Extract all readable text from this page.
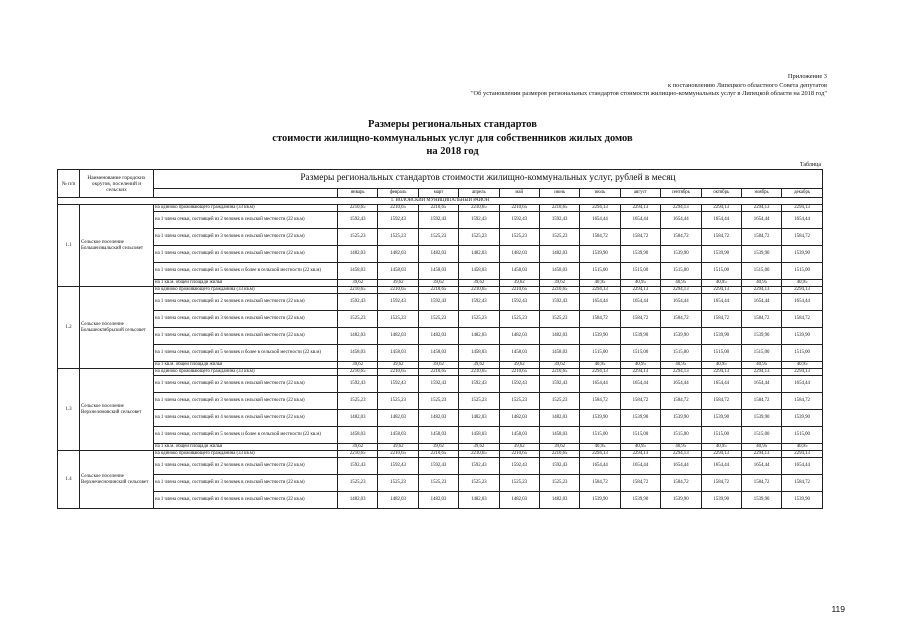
Приложение 3
к постановлению Липецкого областного Совета депутатов
"Об установлении размеров региональных стандартов стоимости жилищно-коммунальных услуг в Липецкой области на 2018 год"
Размеры региональных стандартов
стоимости жилищно-коммунальных услуг для собственников жилых домов
на 2018 год
Таблица
№ п/п	Наименование городских округов, поселений и сельских	Размеры региональных стандартов стоимости жилищно-коммунальных услуг, рублей в месяц												
			январь	февраль	март	апрель	май	июнь	июль	август	сентябрь	октябрь	ноябрь	декабрь
1. ВОЛОВСКИЙ МУНИЦИПАЛЬНЫЙ РАЙОН														
1.1	Сельское поселение Большеизвальский сельсовет	на одиноко проживающего гражданина (33 кв.м)	2210,65	2210,65	2210,65	2210,65	2210,65	2210,65	2294,13	2294,13	2294,13	2294,13	2294,13	2294,13
		на 1 члена семьи, состоящей из 2 человек в сельской местности (22 кв.м)	1592,43	1592,43	1592,43	1592,43	1592,43	1592,43	1654,44	1654,44	1654,44	1654,44	1654,44	1654,44
		на 1 члена семьи, состоящей из 3 человек в сельской местности (22 кв.м)	1525,23	1525,23	1525,23	1525,23	1525,23	1525,23	1584,72	1584,72	1584,72	1584,72	1584,72	1584,72
		на 1 члена семьи, состоящей из 4 человек в сельской местности (22 кв.м)	1482,03	1482,03	1482,03	1482,03	1482,03	1482,03	1539,90	1539,90	1539,90	1539,90	1539,90	1539,90
		на 1 члена семьи, состоящей из 5 человек и более в сельской местности (22 кв.м)	1458,03	1458,03	1458,03	1458,03	1458,03	1458,03	1515,00	1515,00	1515,00	1515,00	1515,00	1515,00
		на 1 кв.м. общей площади жилья	39,62	39,62	39,62	39,62	39,62	39,62	40,95	40,95	40,95	40,95	40,95	40,95
1.2	Сельское поселение Большеоктябрьский сельсовет	на одиноко проживающего гражданина (33 кв.м)	2210,65	2210,65	2210,65	2210,65	2210,65	2210,65	2294,13	2294,13	2294,13	2294,13	2294,13	2294,13
		на 1 члена семьи, состоящей из 2 человек в сельской местности (22 кв.м)	1592,43	1592,43	1592,43	1592,43	1592,43	1592,43	1654,44	1654,44	1654,44	1654,44	1654,44	1654,44
		на 1 члена семьи, состоящей из 3 человек в сельской местности (22 кв.м)	1525,23	1525,23	1525,23	1525,23	1525,23	1525,23	1584,72	1584,72	1584,72	1584,72	1584,72	1584,72
		на 1 члена семьи, состоящей из 4 человек в сельской местности (22 кв.м)	1482,03	1482,03	1482,03	1482,03	1482,03	1482,03	1539,90	1539,90	1539,90	1539,90	1539,90	1539,90
		на 1 члена семьи, состоящей из 5 человек и более в сельской местности (22 кв.м)	1458,03	1458,03	1458,03	1458,03	1458,03	1458,03	1515,00	1515,00	1515,00	1515,00	1515,00	1515,00
		на 1 кв.м. общей площади жилья	39,62	39,62	39,62	39,62	39,62	39,62	40,95	40,95	40,95	40,95	40,95	40,95
1.3	Сельское поселение Верхнеломовский сельсовет	на одиноко проживающего гражданина (33 кв.м)	2210,65	2210,65	2210,65	2210,65	2210,65	2210,65	2294,13	2294,13	2294,13	2294,13	2294,13	2294,13
		на 1 члена семьи, состоящей из 2 человек в сельской местности (22 кв.м)	1592,43	1592,43	1592,43	1592,43	1592,43	1592,43	1654,44	1654,44	1654,44	1654,44	1654,44	1654,44
		на 1 члена семьи, состоящей из 3 человек в сельской местности (22 кв.м)	1525,23	1525,23	1525,23	1525,23	1525,23	1525,23	1584,72	1584,72	1584,72	1584,72	1584,72	1584,72
		на 1 члена семьи, состоящей из 4 человек в сельской местности (22 кв.м)	1482,03	1482,03	1482,03	1482,03	1482,03	1482,03	1539,90	1539,90	1539,90	1539,90	1539,90	1539,90
		на 1 члена семьи, состоящей из 5 человек и более в сельской местности (22 кв.м)	1458,03	1458,03	1458,03	1458,03	1458,03	1458,03	1515,00	1515,00	1515,00	1515,00	1515,00	1515,00
		на 1 кв.м. общей площади жилья	39,62	39,62	39,62	39,62	39,62	39,62	40,95	40,95	40,95	40,95	40,95	40,95
1.4	Сельское поселение Верхнечесночинский сельсовет	на одиноко проживающего гражданина (33 кв.м)	2210,65	2210,65	2210,65	2210,65	2210,65	2210,65	2294,13	2294,13	2294,13	2294,13	2294,13	2294,13
		на 1 члена семьи, состоящей из 2 человек в сельской местности (22 кв.м)	1592,43	1592,43	1592,43	1592,43	1592,43	1592,43	1654,44	1654,44	1654,44	1654,44	1654,44	1654,44
		на 1 члена семьи, состоящей из 3 человек в сельской местности (22 кв.м)	1525,23	1525,23	1525,23	1525,23	1525,23	1525,23	1584,72	1584,72	1584,72	1584,72	1584,72	1584,72
		на 1 члена семьи, состоящей из 4 человек в сельской местности (22 кв.м)	1482,03	1482,03	1482,03	1482,03	1482,03	1482,03	1539,90	1539,90	1539,90	1539,90	1539,90	1539,90
119
